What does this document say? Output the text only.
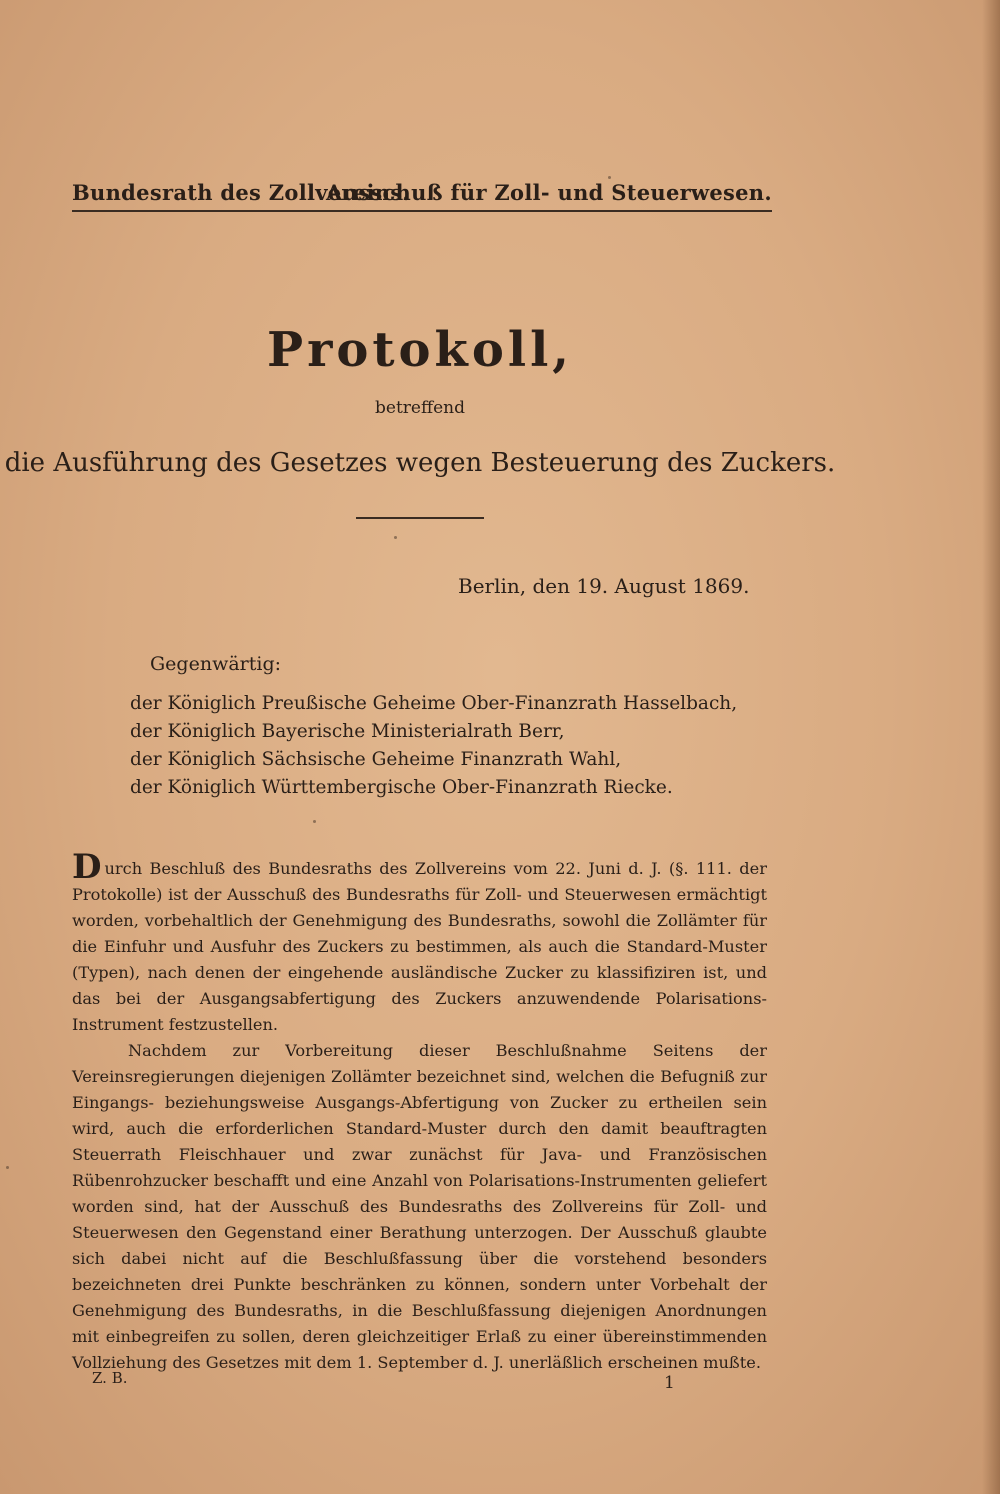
Bundesrath des Zollvereins.
Ausschuß für Zoll- und Steuerwesen.
Protokoll,
betreffend
die Ausführung des Gesetzes wegen Besteuerung des Zuckers.
Berlin, den 19. August 1869.
Gegenwärtig:
der Königlich Preußische Geheime Ober-Finanzrath Hasselbach,
der Königlich Bayerische Ministerialrath Berr,
der Königlich Sächsische Geheime Finanzrath Wahl,
der Königlich Württembergische Ober-Finanzrath Riecke.

Durch Beschluß des Bundesraths des Zollvereins vom 22. Juni d. J. (§. 111. der Protokolle) ist der Ausschuß des Bundesraths für Zoll- und Steuerwesen ermächtigt worden, vorbehaltlich der Genehmigung des Bundesraths, sowohl die Zollämter für die Einfuhr und Ausfuhr des Zuckers zu bestimmen, als auch die Standard-Muster (Typen), nach denen der eingehende ausländische Zucker zu klassifiziren ist, und das bei der Ausgangsabfertigung des Zuckers anzuwendende Polarisations-Instrument festzustellen.

Nachdem zur Vorbereitung dieser Beschlußnahme Seitens der Vereinsregierungen diejenigen Zollämter bezeichnet sind, welchen die Befugniß zur Eingangs- beziehungsweise Ausgangs-Abfertigung von Zucker zu ertheilen sein wird, auch die erforderlichen Standard-Muster durch den damit beauftragten Steuerrath Fleischhauer und zwar zunächst für Java- und Französischen Rübenrohzucker beschafft und eine Anzahl von Polarisations-Instrumenten geliefert worden sind, hat der Ausschuß des Bundesraths des Zollvereins für Zoll- und Steuerwesen den Gegenstand einer Berathung unterzogen. Der Ausschuß glaubte sich dabei nicht auf die Beschlußfassung über die vorstehend besonders bezeichneten drei Punkte beschränken zu können, sondern unter Vorbehalt der Genehmigung des Bundesraths, in die Beschlußfassung diejenigen Anordnungen mit einbegreifen zu sollen, deren gleichzeitiger Erlaß zu einer übereinstimmenden Vollziehung des Gesetzes mit dem 1. September d. J. unerläßlich erscheinen mußte.

Z. B.	1
